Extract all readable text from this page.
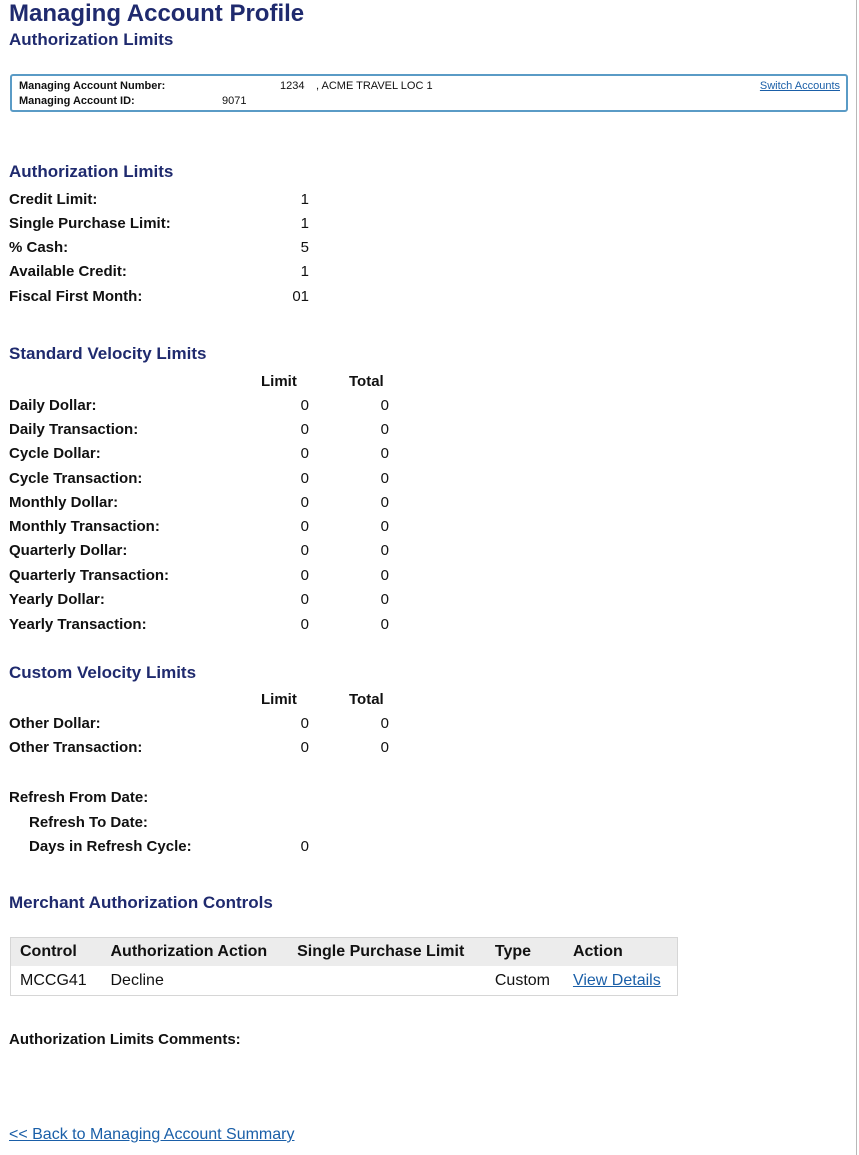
Managing Account Profile
Authorization Limits
Managing Account Number:	1234 , ACME TRAVEL LOC 1
Managing Account ID:	9071
Switch Accounts
Authorization Limits
Credit Limit:	1
Single Purchase Limit:	1
% Cash:	5
Available Credit:	1
Fiscal First Month:	01
Standard Velocity Limits
Limit	Total
Daily Dollar:	0	0
Daily Transaction:	0	0
Cycle Dollar:	0	0
Cycle Transaction:	0	0
Monthly Dollar:	0	0
Monthly Transaction:	0	0
Quarterly Dollar:	0	0
Quarterly Transaction:	0	0
Yearly Dollar:	0	0
Yearly Transaction:	0	0
Custom Velocity Limits
Limit	Total
Other Dollar:	0	0
Other Transaction:	0	0
Refresh From Date:
Refresh To Date:
Days in Refresh Cycle:	0
Merchant Authorization Controls
Control	Authorization Action	Single Purchase Limit	Type	Action
MCCG41	Decline		Custom	View Details
Authorization Limits Comments:
<< Back to Managing Account Summary
